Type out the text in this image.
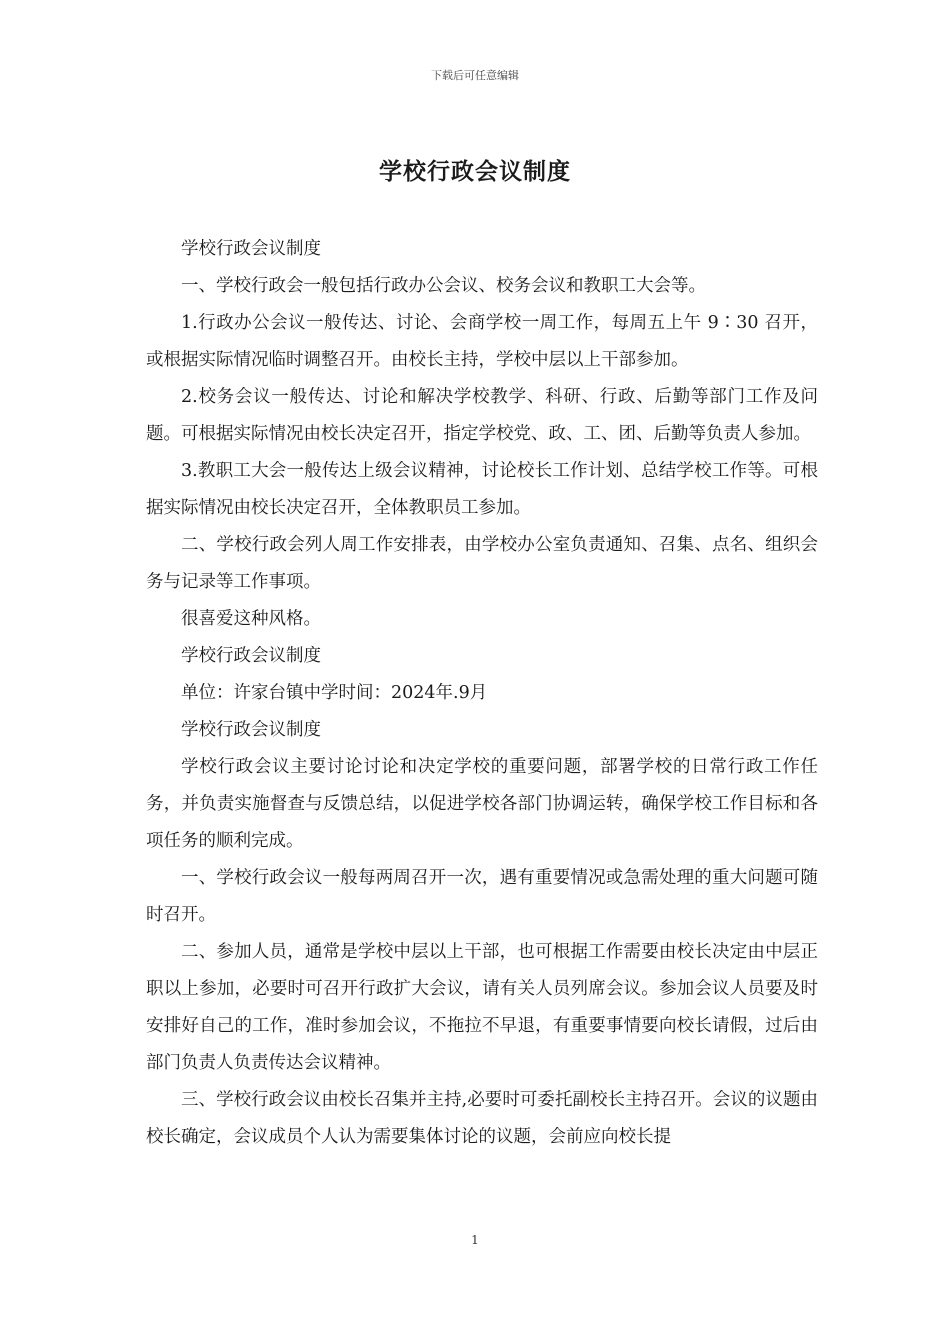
下载后可任意编辑
学校行政会议制度

学校行政会议制度

一、学校行政会一般包括行政办公会议、校务会议和教职工大会等。

1.行政办公会议一般传达、讨论、会商学校一周工作，每周五上午 9∶30 召开，或根据实际情况临时调整召开。由校长主持，学校中层以上干部参加。

2.校务会议一般传达、讨论和解决学校教学、科研、行政、后勤等部门工作及问题。可根据实际情况由校长决定召开，指定学校党、政、工、团、后勤等负责人参加。

3.教职工大会一般传达上级会议精神，讨论校长工作计划、总结学校工作等。可根据实际情况由校长决定召开，全体教职员工参加。

二、学校行政会列人周工作安排表，由学校办公室负责通知、召集、点名、组织会务与记录等工作事项。

很喜爱这种风格。

学校行政会议制度

单位：许家台镇中学时间：2024年.9月

学校行政会议制度

学校行政会议主要讨论讨论和决定学校的重要问题，部署学校的日常行政工作任务，并负责实施督查与反馈总结，以促进学校各部门协调运转，确保学校工作目标和各项任务的顺利完成。

一、学校行政会议一般每两周召开一次，遇有重要情况或急需处理的重大问题可随时召开。

二、参加人员，通常是学校中层以上干部，也可根据工作需要由校长决定由中层正职以上参加，必要时可召开行政扩大会议，请有关人员列席会议。参加会议人员要及时安排好自己的工作，准时参加会议，不拖拉不早退，有重要事情要向校长请假，过后由部门负责人负责传达会议精神。

三、学校行政会议由校长召集并主持,必要时可委托副校长主持召开。会议的议题由校长确定，会议成员个人认为需要集体讨论的议题，会前应向校长提

1
